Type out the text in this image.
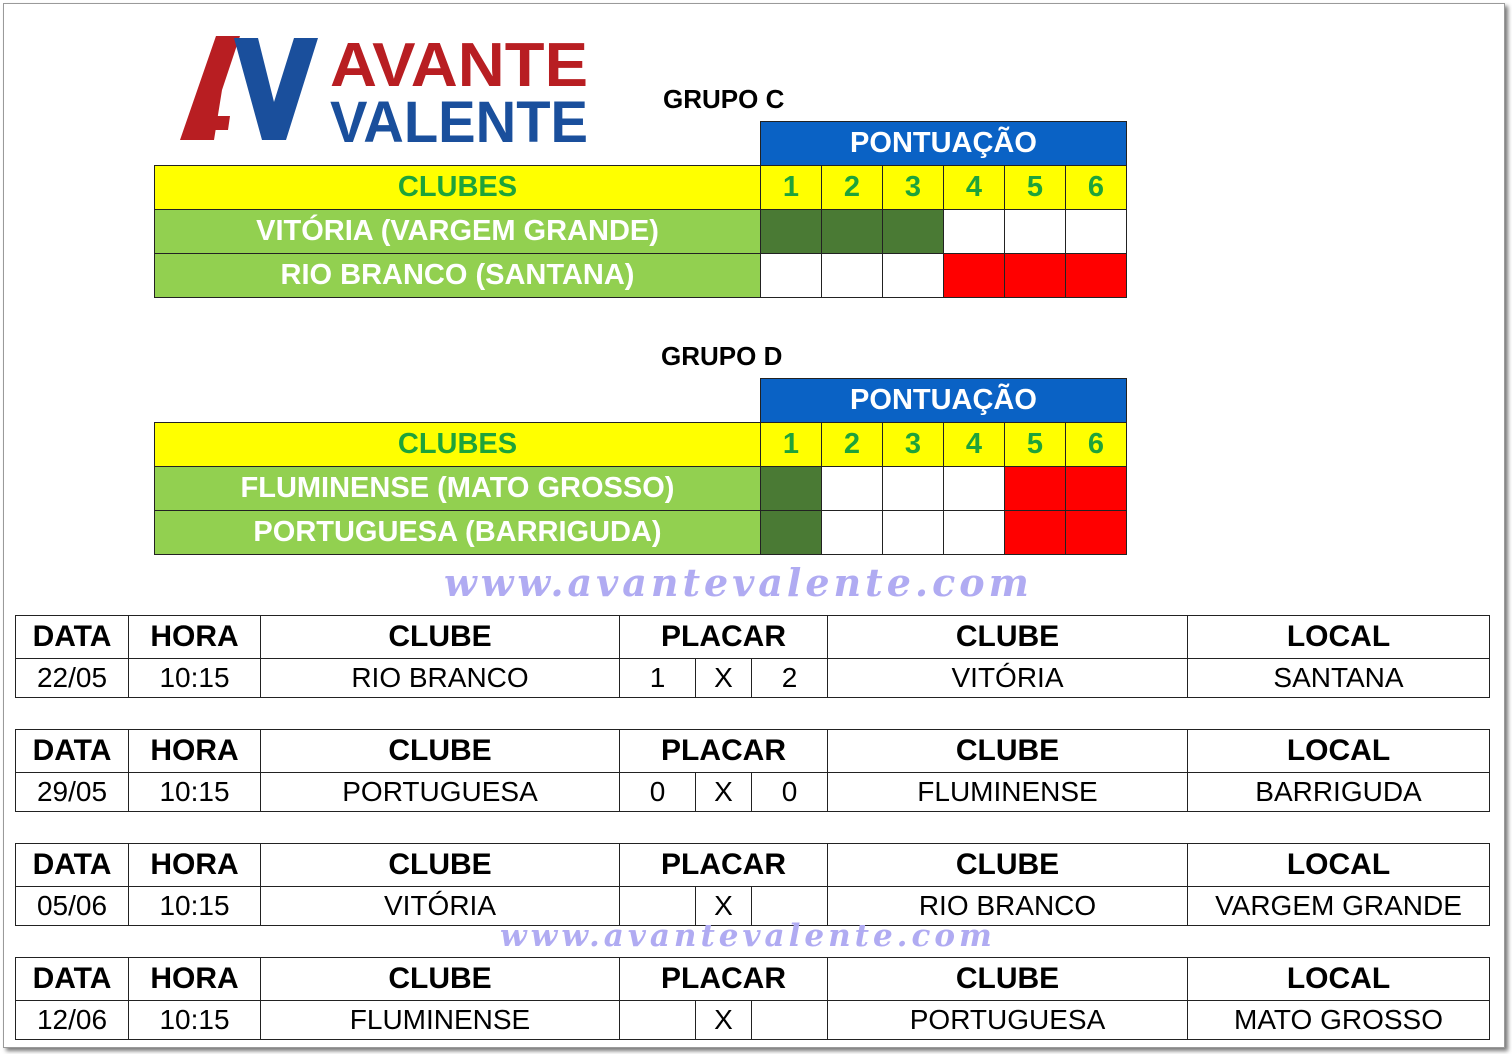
AVANTE
VALENTE	GRUPO C
	PONTUAÇÃO					
CLUBES	1	2	3	4	5	6
VITÓRIA (VARGEM GRANDE)						
RIO BRANCO (SANTANA)						
GRUPO D
	PONTUAÇÃO					
CLUBES	1	2	3	4	5	6
FLUMINENSE (MATO GROSSO)						
PORTUGUESA (BARRIGUDA)						
www.avantevalente.com
DATA	HORA	CLUBE	PLACAR			CLUBE	LOCAL
22/05	10:15	RIO BRANCO	1	X	2	VITÓRIA	SANTANA
DATA	HORA	CLUBE	PLACAR			CLUBE	LOCAL
29/05	10:15	PORTUGUESA	0	X	0	FLUMINENSE	BARRIGUDA
DATA	HORA	CLUBE	PLACAR			CLUBE	LOCAL
05/06	10:15	VITÓRIA		X		RIO BRANCO	VARGEM GRANDE
www.avantevalente.com
DATA	HORA	CLUBE	PLACAR			CLUBE	LOCAL
12/06	10:15	FLUMINENSE		X		PORTUGUESA	MATO GROSSO
